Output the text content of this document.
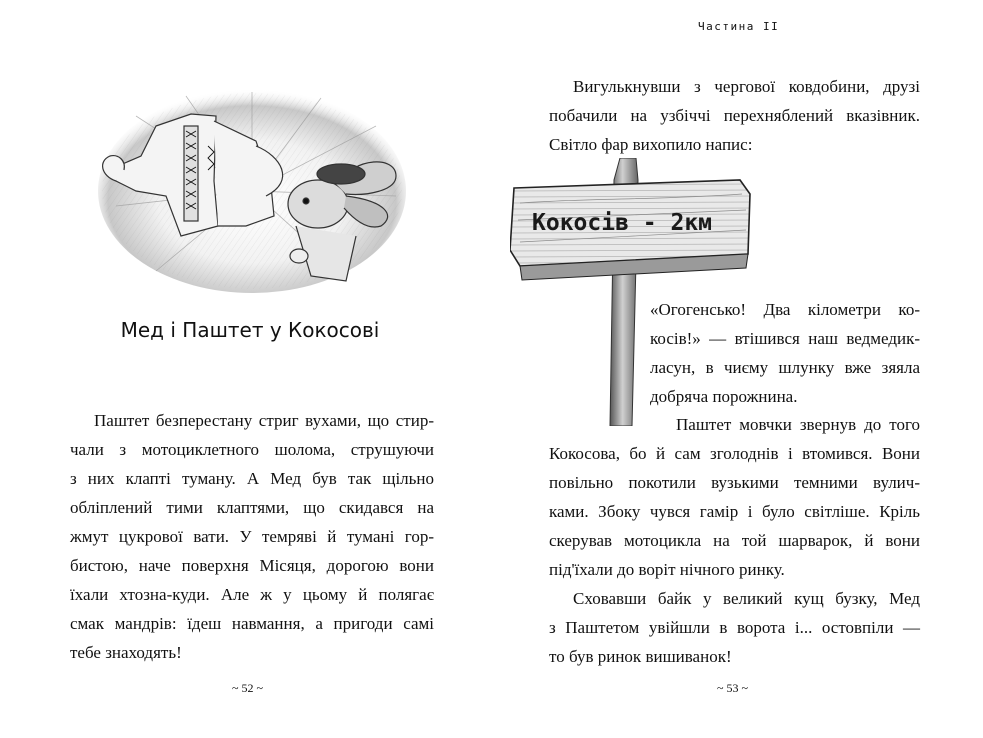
Мед і Паштет у Кокосові
Паштет безперестану стриг вухами, що стир-
чали з мотоциклетного шолома, струшуючи
з них клапті туману. А Мед був так щільно
обліплений тими клаптями, що скидався на
жмут цукрової вати. У темряві й тумані гор-
бистою, наче поверхня Місяця, дорогою вони
їхали хтозна-куди. Але ж у цьому й полягає
смак мандрів: їдеш навмання, а пригоди самі
тебе знаходять!
~ 52 ~
Частина II
Вигулькнувши з чергової ковдобини, друзі
побачили на узбіччі перехняблений вказівник.
Світло фар вихопило напис:
Кокосів - 2км
«Огогенсько! Два кілометри ко-
косів!» — втішився наш ведмедик-
ласун, в чиєму шлунку вже зяяла
добряча порожнина.
Паштет мовчки звернув до того
Кокосова, бо й сам зголоднів і втомився. Вони
повільно покотили вузькими темними вулич-
ками. Збоку чувся гамір і було світліше. Кріль
скерував мотоцикла на той шарварок, й вони
під'їхали до воріт нічного ринку.
Сховавши байк у великий кущ бузку, Мед
з Паштетом увійшли в ворота і... остовпіли —
то був ринок вишиванок!
~ 53 ~
